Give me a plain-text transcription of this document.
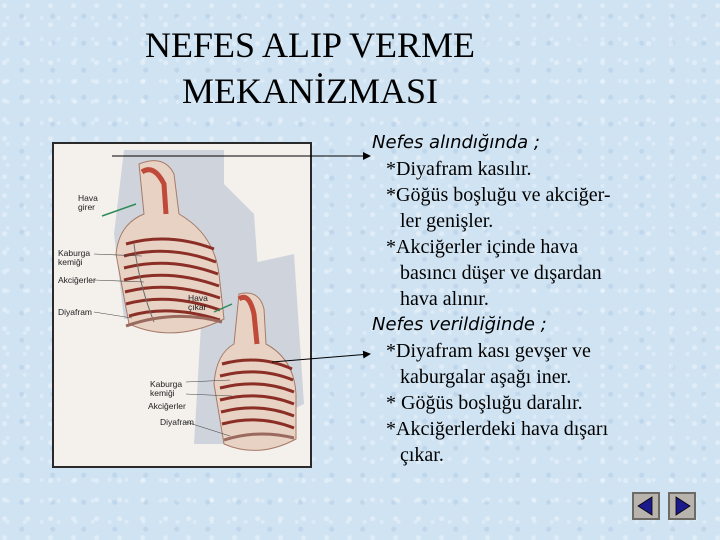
NEFES ALIP VERME
MEKANİZMASI
Hava
girer
Kaburga
kemiği
Akciğerler
Diyafram
Hava
çıkar
Kaburga
kemiği
Akciğerler
Diyafram

Nefes alındığında ;

*Diyafram kasılır.

*Göğüs boşluğu ve akciğer-

ler genişler.

*Akciğerler içinde hava

basıncı düşer ve dışardan

hava alınır.

Nefes verildiğinde ;

*Diyafram kası gevşer ve

kaburgalar aşağı iner.

* Göğüs boşluğu daralır.

*Akciğerlerdeki hava dışarı

çıkar.
